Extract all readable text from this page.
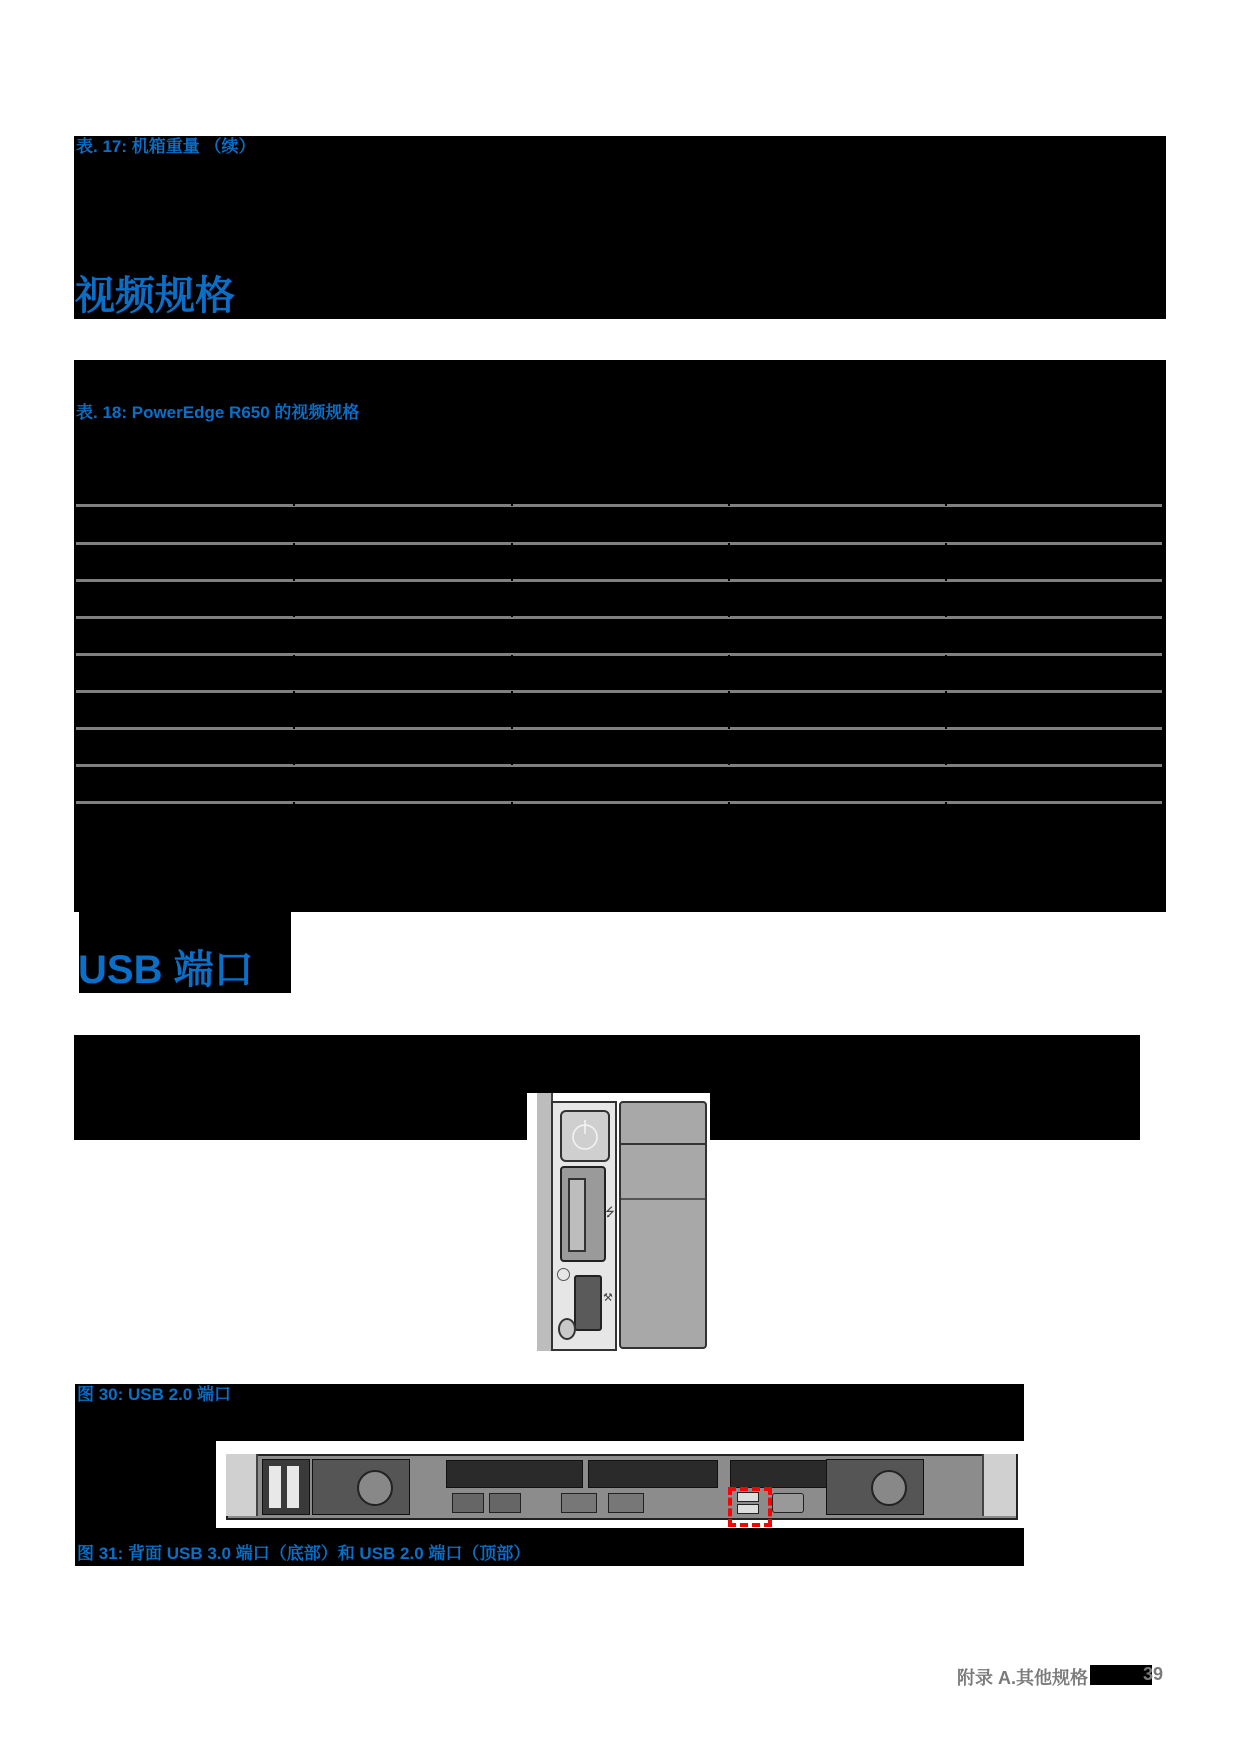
表. 17: 机箱重量 （续）
视频规格
表. 18: PowerEdge R650 的视频规格
USB 端口
⭍
⚒
图 30: USB 2.0 端口
图 31: 背面 USB 3.0 端口（底部）和 USB 2.0 端口（顶部）
附录 A.其他规格	39
